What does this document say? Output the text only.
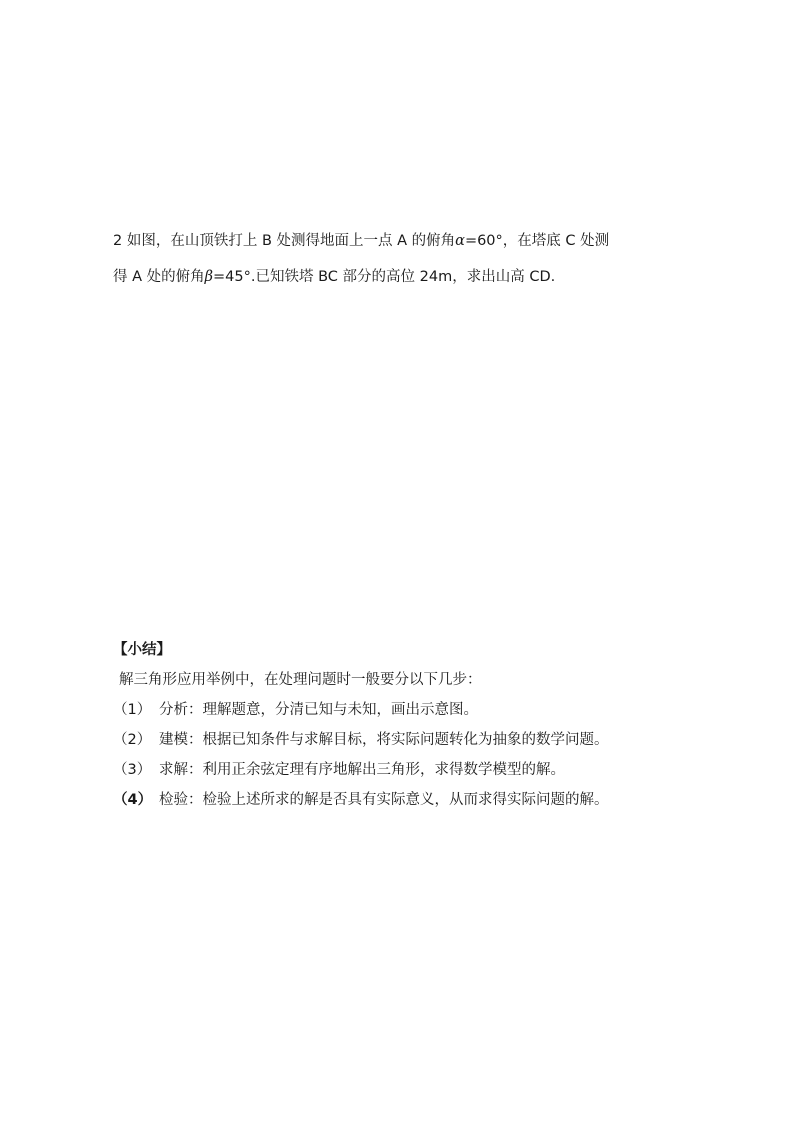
2 如图，在山顶铁打上 B 处测得地面上一点 A 的俯角α=60°，在塔底 C 处测

得 A 处的俯角β=45°.已知铁塔 BC 部分的高位 24m，求出山高 CD.

【小结】

解三角形应用举例中，在处理问题时一般要分以下几步：

（1） 分析：理解题意，分清已知与未知，画出示意图。
（2） 建模：根据已知条件与求解目标，将实际问题转化为抽象的数学问题。
（3） 求解：利用正余弦定理有序地解出三角形，求得数学模型的解。
（4） 检验：检验上述所求的解是否具有实际意义，从而求得实际问题的解。
